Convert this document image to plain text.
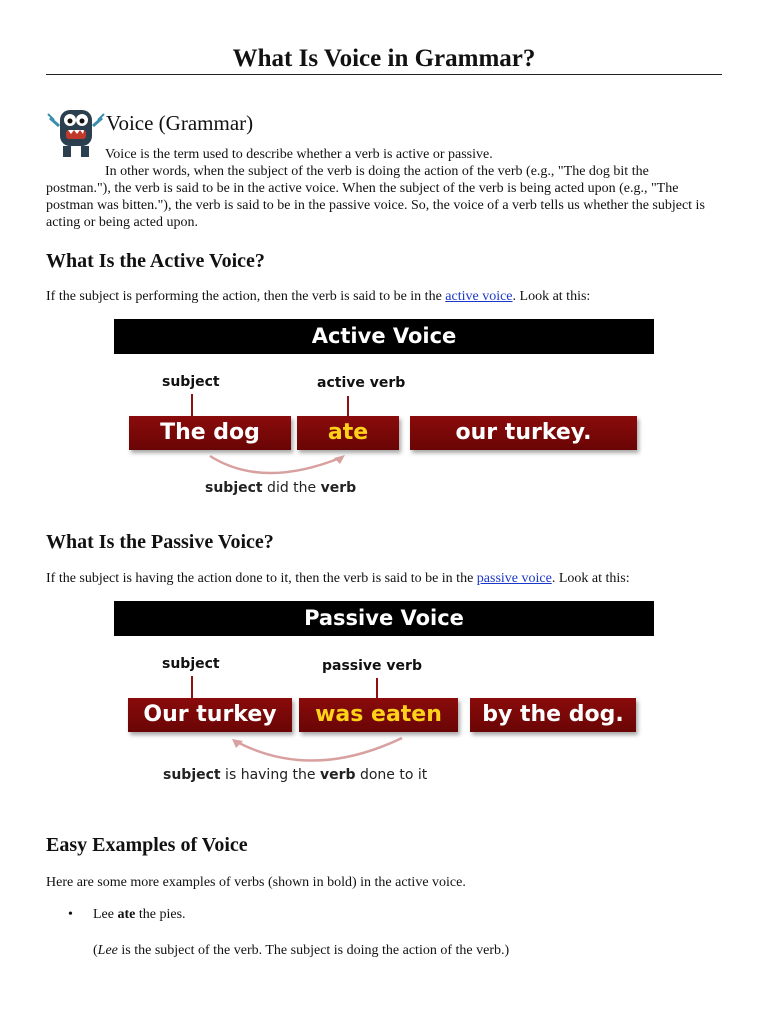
What Is Voice in Grammar?
Voice (Grammar)
Voice is the term used to describe whether a verb is active or passive.
In other words, when the subject of the verb is doing the action of the verb (e.g., "The dog bit the postman."), the verb is said to be in the active voice. When the subject of the verb is being acted upon (e.g., "The postman was bitten."), the verb is said to be in the passive voice. So, the voice of a verb tells us whether the subject is acting or being acted upon.
What Is the Active Voice?

If the subject is performing the action, then the verb is said to be in the active voice. Look at this:

Active Voice
subject	active verb
The dog	ate	our turkey.
subject did the verb
What Is the Passive Voice?

If the subject is having the action done to it, then the verb is said to be in the passive voice. Look at this:

Passive Voice
subject	passive verb
Our turkey	was eaten	by the dog.
subject is having the verb done to it
Easy Examples of Voice

Here are some more examples of verbs (shown in bold) in the active voice.

• Lee ate the pies.
(Lee is the subject of the verb. The subject is doing the action of the verb.)
